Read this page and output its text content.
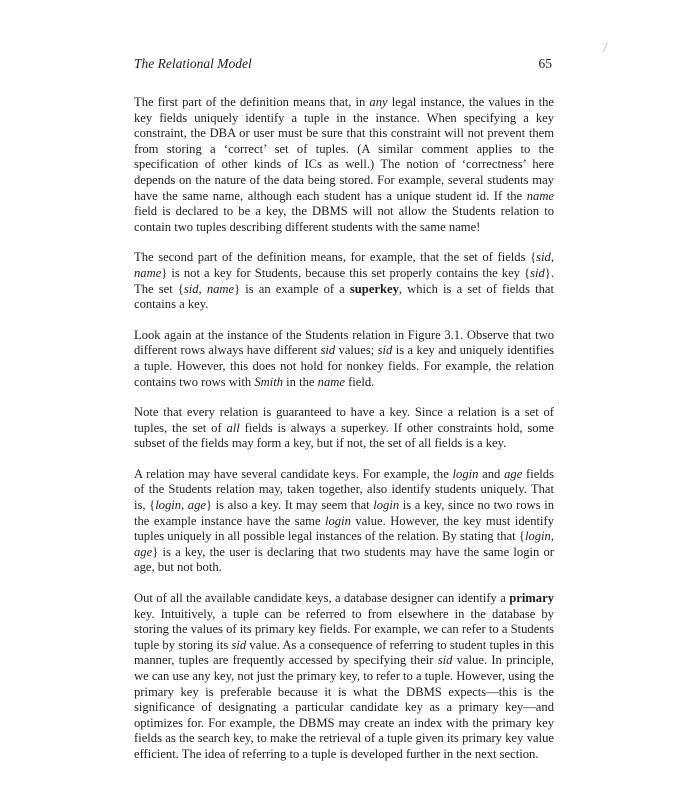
The Relational Model	65

The first part of the definition means that, in any legal instance, the values in the key fields uniquely identify a tuple in the instance. When specifying a key constraint, the DBA or user must be sure that this constraint will not prevent them from storing a ‘correct’ set of tuples. (A similar comment applies to the specification of other kinds of ICs as well.) The notion of ‘correctness’ here depends on the nature of the data being stored. For example, several students may have the same name, although each student has a unique student id. If the name field is declared to be a key, the DBMS will not allow the Students relation to contain two tuples describing different students with the same name!

The second part of the definition means, for example, that the set of fields {sid, name} is not a key for Students, because this set properly contains the key {sid}. The set {sid, name} is an example of a superkey, which is a set of fields that contains a key.

Look again at the instance of the Students relation in Figure 3.1. Observe that two different rows always have different sid values; sid is a key and uniquely identifies a tuple. However, this does not hold for nonkey fields. For example, the relation contains two rows with Smith in the name field.

Note that every relation is guaranteed to have a key. Since a relation is a set of tuples, the set of all fields is always a superkey. If other constraints hold, some subset of the fields may form a key, but if not, the set of all fields is a key.

A relation may have several candidate keys. For example, the login and age fields of the Students relation may, taken together, also identify students uniquely. That is, {login, age} is also a key. It may seem that login is a key, since no two rows in the example instance have the same login value. However, the key must identify tuples uniquely in all possible legal instances of the relation. By stating that {login, age} is a key, the user is declaring that two students may have the same login or age, but not both.

Out of all the available candidate keys, a database designer can identify a primary key. Intuitively, a tuple can be referred to from elsewhere in the database by storing the values of its primary key fields. For example, we can refer to a Students tuple by storing its sid value. As a consequence of referring to student tuples in this manner, tuples are frequently accessed by specifying their sid value. In principle, we can use any key, not just the primary key, to refer to a tuple. However, using the primary key is preferable because it is what the DBMS expects—this is the significance of designating a particular candidate key as a primary key—and optimizes for. For example, the DBMS may create an index with the primary key fields as the search key, to make the retrieval of a tuple given its primary key value efficient. The idea of referring to a tuple is developed further in the next section.
